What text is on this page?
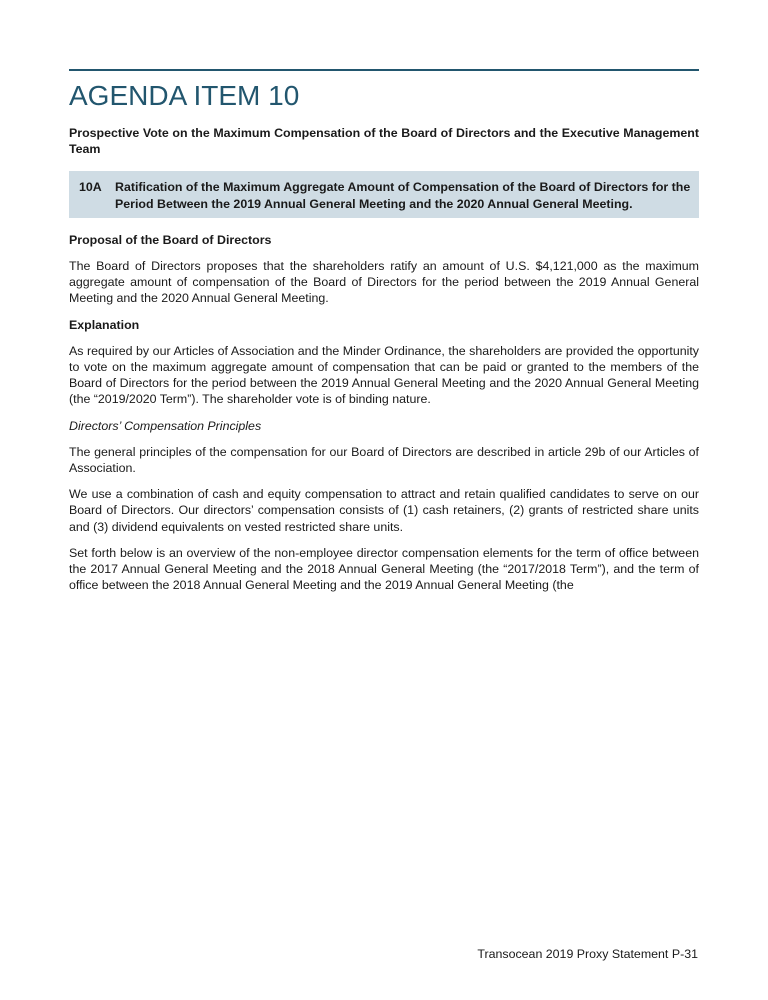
AGENDA ITEM 10

Prospective Vote on the Maximum Compensation of the Board of Directors and the Executive Management Team

10A	Ratification of the Maximum Aggregate Amount of Compensation of the Board of Directors for the Period Between the 2019 Annual General Meeting and the 2020 Annual General Meeting.

Proposal of the Board of Directors

The Board of Directors proposes that the shareholders ratify an amount of U.S. $4,121,000 as the maximum aggregate amount of compensation of the Board of Directors for the period between the 2019 Annual General Meeting and the 2020 Annual General Meeting.

Explanation

As required by our Articles of Association and the Minder Ordinance, the shareholders are provided the opportunity to vote on the maximum aggregate amount of compensation that can be paid or granted to the members of the Board of Directors for the period between the 2019 Annual General Meeting and the 2020 Annual General Meeting (the “2019/2020 Term”). The shareholder vote is of binding nature.

Directors’ Compensation Principles

The general principles of the compensation for our Board of Directors are described in article 29b of our Articles of Association.

We use a combination of cash and equity compensation to attract and retain qualified candidates to serve on our Board of Directors. Our directors’ compensation consists of (1) cash retainers, (2) grants of restricted share units and (3) dividend equivalents on vested restricted share units.

Set forth below is an overview of the non-employee director compensation elements for the term of office between the 2017 Annual General Meeting and the 2018 Annual General Meeting (the “2017/2018 Term”), and the term of office between the 2018 Annual General Meeting and the 2019 Annual General Meeting (the

Transocean 2019 Proxy Statement P-31
